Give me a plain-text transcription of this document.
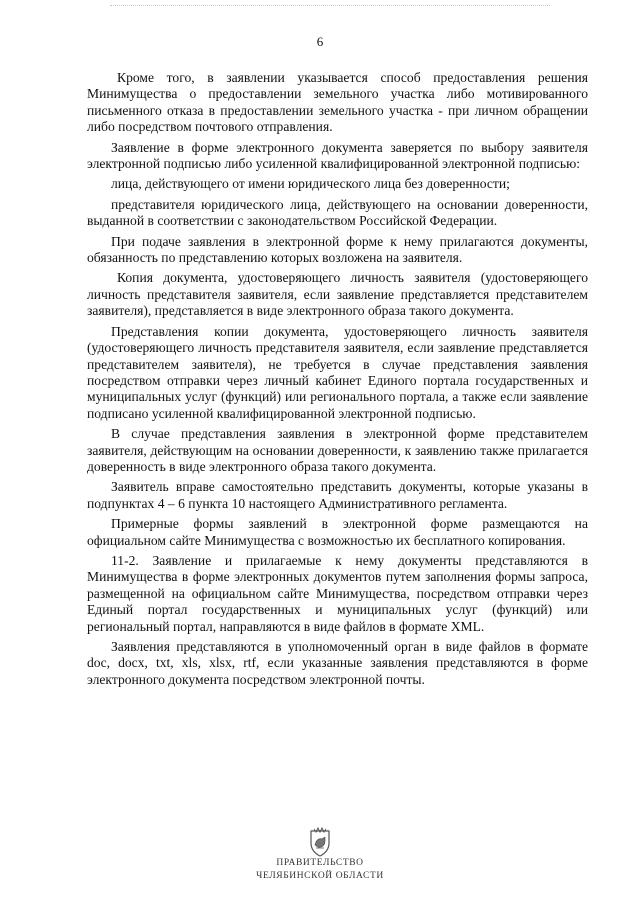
6

Кроме того, в заявлении указывается способ предоставления решения Минимущества о предоставлении земельного участка либо мотивированного письменного отказа в предоставлении земельного участка - при личном обращении либо посредством почтового отправления.

Заявление в форме электронного документа заверяется по выбору заявителя электронной подписью либо усиленной квалифицированной электронной подписью:

лица, действующего от имени юридического лица без доверенности;

представителя юридического лица, действующего на основании доверенности, выданной в соответствии с законодательством Российской Федерации.

При подаче заявления в электронной форме к нему прилагаются документы, обязанность по представлению которых возложена на заявителя.

Копия документа, удостоверяющего личность заявителя (удостоверяющего личность представителя заявителя, если заявление представляется представителем заявителя), представляется в виде электронного образа такого документа.

Представления копии документа, удостоверяющего личность заявителя (удостоверяющего личность представителя заявителя, если заявление представляется представителем заявителя), не требуется в случае представления заявления посредством отправки через личный кабинет Единого портала государственных и муниципальных услуг (функций) или регионального портала, а также если заявление подписано усиленной квалифицированной электронной подписью.

В случае представления заявления в электронной форме представителем заявителя, действующим на основании доверенности, к заявлению также прилагается доверенность в виде электронного образа такого документа.

Заявитель вправе самостоятельно представить документы, которые указаны в подпунктах 4 – 6 пункта 10 настоящего Административного регламента.

Примерные формы заявлений в электронной форме размещаются на официальном сайте Минимущества с возможностью их бесплатного копирования.

11-2. Заявление и прилагаемые к нему документы представляются в Минимущества в форме электронных документов путем заполнения формы запроса, размещенной на официальном сайте Минимущества, посредством отправки через Единый портал государственных и муниципальных услуг (функций) или региональный портал, направляются в виде файлов в формате XML.

Заявления представляются в уполномоченный орган в виде файлов в формате doc, docx, txt, xls, xlsx, rtf, если указанные заявления представляются в форме электронного документа посредством электронной почты.

ПРАВИТЕЛЬСТВО
ЧЕЛЯБИНСКОЙ ОБЛАСТИ
